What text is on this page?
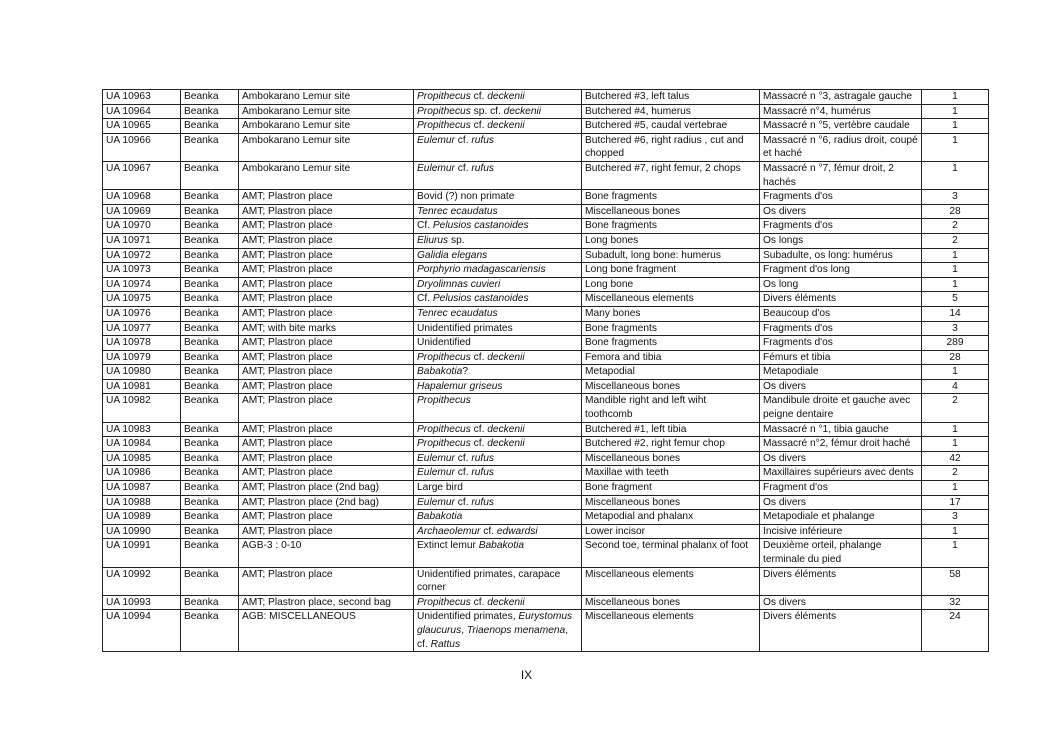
UA 10963	Beanka	Ambokarano Lemur site	Propithecus cf. deckenii	Butchered #3, left talus	Massacré n °3, astragale gauche	1
UA 10964	Beanka	Ambokarano Lemur site	Propithecus sp. cf. deckenii	Butchered #4, humerus	Massacré n°4, humérus	1
UA 10965	Beanka	Ambokarano Lemur site	Propithecus cf. deckenii	Butchered #5, caudal vertebrae	Massacré n °5, vertèbre caudale	1
UA 10966	Beanka	Ambokarano Lemur site	Eulemur cf. rufus	Butchered #6, right radius , cut and chopped	Massacré n °6, radius droit, coupé et haché	1
UA 10967	Beanka	Ambokarano Lemur site	Eulemur cf. rufus	Butchered #7, right femur, 2 chops	Massacré n °7, fémur droit, 2 hachés	1
UA 10968	Beanka	AMT; Plastron place	Bovid (?) non primate	Bone fragments	Fragments d'os	3
UA 10969	Beanka	AMT; Plastron place	Tenrec ecaudatus	Miscellaneous bones	Os divers	28
UA 10970	Beanka	AMT; Plastron place	Cf. Pelusios castanoides	Bone fragments	Fragments d'os	2
UA 10971	Beanka	AMT; Plastron place	Eliurus sp.	Long bones	Os longs	2
UA 10972	Beanka	AMT; Plastron place	Galidia elegans	Subadult, long bone: humerus	Subadulte, os long: humérus	1
UA 10973	Beanka	AMT; Plastron place	Porphyrio madagascariensis	Long bone fragment	Fragment d'os long	1
UA 10974	Beanka	AMT; Plastron place	Dryolimnas cuvieri	Long bone	Os long	1
UA 10975	Beanka	AMT; Plastron place	Cf. Pelusios castanoides	Miscellaneous elements	Divers éléments	5
UA 10976	Beanka	AMT; Plastron place	Tenrec ecaudatus	Many bones	Beaucoup d'os	14
UA 10977	Beanka	AMT; with bite marks	Unidentified primates	Bone fragments	Fragments d'os	3
UA 10978	Beanka	AMT; Plastron place	Unidentified	Bone fragments	Fragments d'os	289
UA 10979	Beanka	AMT; Plastron place	Propithecus cf. deckenii	Femora and tibia	Fémurs et tibia	28
UA 10980	Beanka	AMT; Plastron place	Babakotia?	Metapodial	Metapodiale	1
UA 10981	Beanka	AMT; Plastron place	Hapalemur griseus	Miscellaneous bones	Os divers	4
UA 10982	Beanka	AMT; Plastron place	Propithecus	Mandible right and left wiht toothcomb	Mandibule droite et gauche avec peigne dentaire	2
UA 10983	Beanka	AMT; Plastron place	Propithecus cf. deckenii	Butchered #1, left tibia	Massacré n °1, tibia gauche	1
UA 10984	Beanka	AMT; Plastron place	Propithecus cf. deckenii	Butchered #2, right femur chop	Massacré n°2, fémur droit haché	1
UA 10985	Beanka	AMT; Plastron place	Eulemur cf. rufus	Miscellaneous bones	Os divers	42
UA 10986	Beanka	AMT; Plastron place	Eulemur cf. rufus	Maxillae with teeth	Maxillaires supérieurs avec dents	2
UA 10987	Beanka	AMT; Plastron place (2nd bag)	Large bird	Bone fragment	Fragment d'os	1
UA 10988	Beanka	AMT; Plastron place (2nd bag)	Eulemur cf. rufus	Miscellaneous bones	Os divers	17
UA 10989	Beanka	AMT; Plastron place	Babakotia	Metapodial and phalanx	Metapodiale et phalange	3
UA 10990	Beanka	AMT; Plastron place	Archaeolemur cf. edwardsi	Lower incisor	Incisive inférieure	1
UA 10991	Beanka	AGB-3 : 0-10	Extinct lemur Babakotia	Second toe, terminal phalanx of foot	Deuxième orteil, phalange terminale du pied	1
UA 10992	Beanka	AMT; Plastron place	Unidentified primates, carapace corner	Miscellaneous elements	Divers éléments	58
UA 10993	Beanka	AMT; Plastron place, second bag	Propithecus cf. deckenii	Miscellaneous bones	Os divers	32
UA 10994	Beanka	AGB: MISCELLANEOUS	Unidentified primates, Eurystomus glaucurus, Triaenops menamena, cf. Rattus	Miscellaneous elements	Divers éléments	24
IX
